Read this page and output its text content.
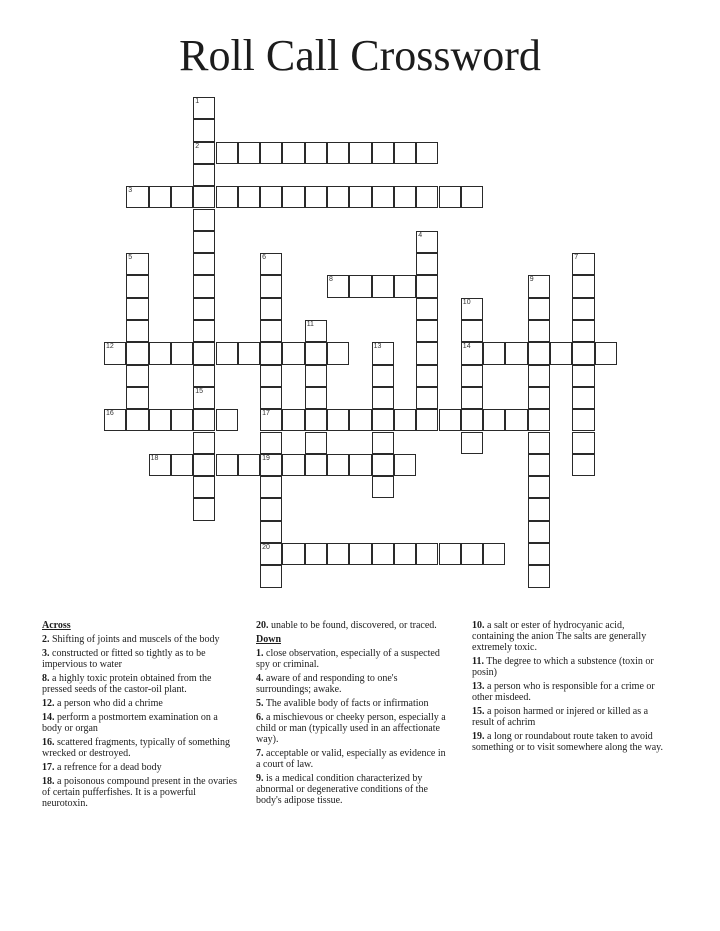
Roll Call Crossword
1
2
15
3
4
5	6
17
7
8	9
10
14
11
12	13
16
18	19
20

Across

2. Shifting of joints and muscels of the body

3. constructed or fitted so tightly as to be impervious to water

8. a highly toxic protein obtained from the pressed seeds of the castor-oil plant.

12. a person who did a chrime

14. perform a postmortem examination on a body or organ

16. scattered fragments, typically of something wrecked or destroyed.

17. a refrence for a dead body

18. a poisonous compound present in the ovaries of certain pufferfishes. It is a powerful neurotoxin.

20. unable to be found, discovered, or traced.

Down

1. close observation, especially of a suspected spy or criminal.

4. aware of and responding to one's surroundings; awake.

5. The avalible body of facts or infirmation

6. a mischievous or cheeky person, especially a child or man (typically used in an affectionate way).

7. acceptable or valid, especially as evidence in a court of law.

9. is a medical condition characterized by abnormal or degenerative conditions of the body's adipose tissue.

10. a salt or ester of hydrocyanic acid, containing the anion The salts are generally extremely toxic.

11. The degree to which a substence (toxin or posin)

13. a person who is responsible for a crime or other misdeed.

15. a poison harmed or injered or killed as a result of achrim

19. a long or roundabout route taken to avoid something or to visit somewhere along the way.
